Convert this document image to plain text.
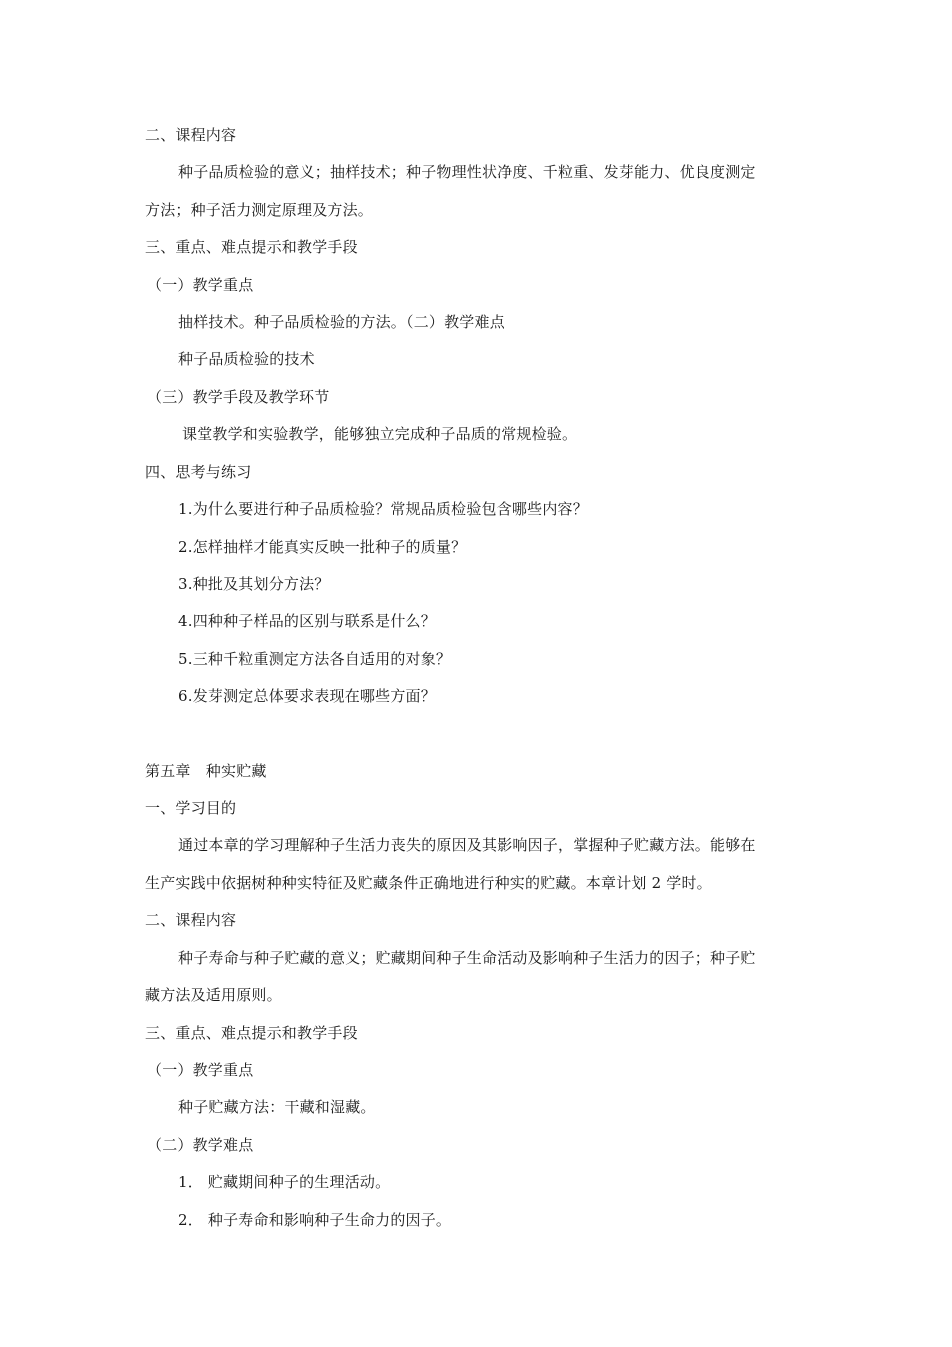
二、课程内容
种子品质检验的意义；抽样技术；种子物理性状净度、千粒重、发芽能力、优良度测定
方法；种子活力测定原理及方法。
三、重点、难点提示和教学手段
（一）教学重点
抽样技术。种子品质检验的方法。（二）教学难点
种子品质检验的技术
（三）教学手段及教学环节
课堂教学和实验教学，能够独立完成种子品质的常规检验。
四、思考与练习
1.为什么要进行种子品质检验？常规品质检验包含哪些内容？
2.怎样抽样才能真实反映一批种子的质量？
3.种批及其划分方法？
4.四种种子样品的区别与联系是什么？
5.三种千粒重测定方法各自适用的对象？
6.发芽测定总体要求表现在哪些方面？
第五章　种实贮藏
一、学习目的
通过本章的学习理解种子生活力丧失的原因及其影响因子，掌握种子贮藏方法。能够在
生产实践中依据树种种实特征及贮藏条件正确地进行种实的贮藏。本章计划 2 学时。
二、课程内容
种子寿命与种子贮藏的意义；贮藏期间种子生命活动及影响种子生活力的因子；种子贮
藏方法及适用原则。
三、重点、难点提示和教学手段
（一）教学重点
种子贮藏方法：干藏和湿藏。
（二）教学难点
1． 贮藏期间种子的生理活动。
2． 种子寿命和影响种子生命力的因子。
